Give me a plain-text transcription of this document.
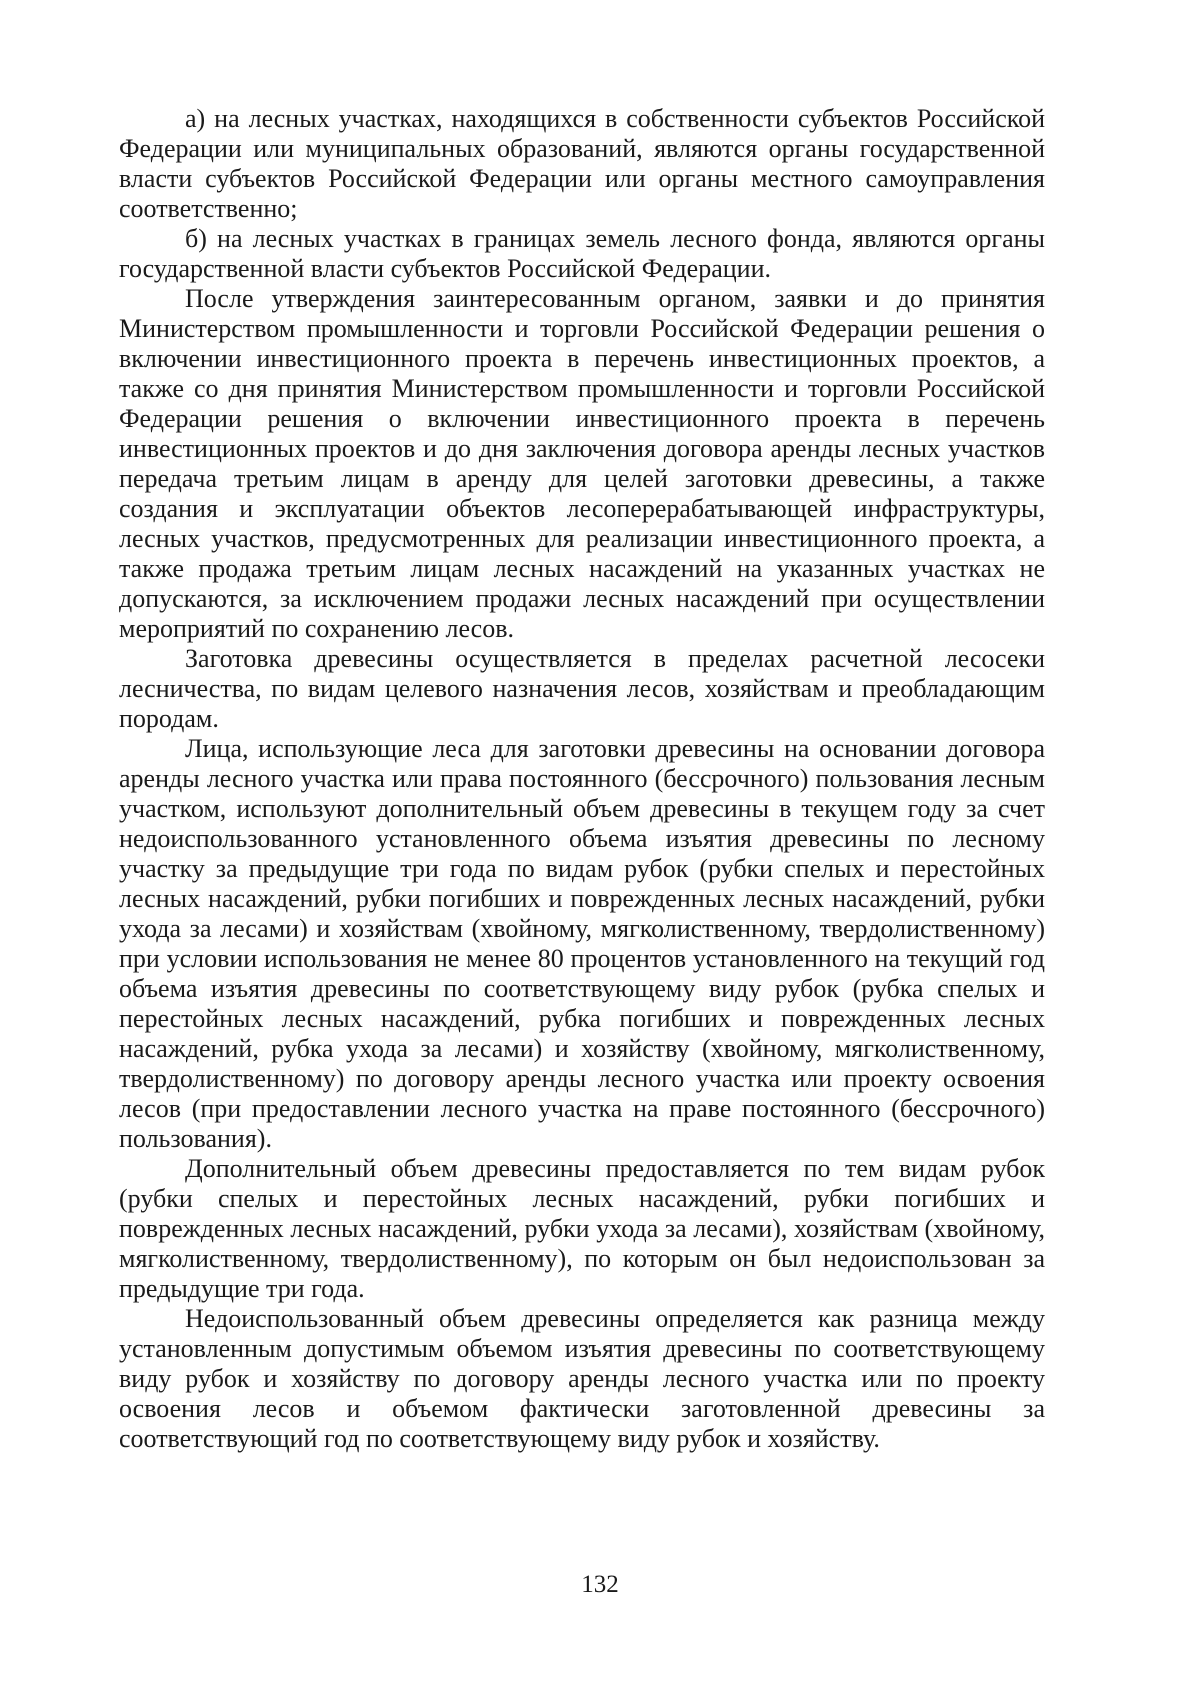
а) на лесных участках, находящихся в собственности субъектов Российской Федерации или муниципальных образований, являются органы государственной власти субъектов Российской Федерации или органы местного самоуправления соответственно;

б) на лесных участках в границах земель лесного фонда, являются органы государственной власти субъектов Российской Федерации.

После утверждения заинтересованным органом, заявки и до принятия Министерством промышленности и торговли Российской Федерации решения о включении инвестиционного проекта в перечень инвестиционных проектов, а также со дня принятия Министерством промышленности и торговли Российской Федерации решения о включении инвестиционного проекта в перечень инвестиционных проектов и до дня заключения договора аренды лесных участков передача третьим лицам в аренду для целей заготовки древесины, а также создания и эксплуатации объектов лесоперерабатывающей инфраструктуры, лесных участков, предусмотренных для реализации инвестиционного проекта, а также продажа третьим лицам лесных насаждений на указанных участках не допускаются, за исключением продажи лесных насаждений при осуществлении мероприятий по сохранению лесов.

Заготовка древесины осуществляется в пределах расчетной лесосеки лесничества, по видам целевого назначения лесов, хозяйствам и преобладающим породам.

Лица, использующие леса для заготовки древесины на основании договора аренды лесного участка или права постоянного (бессрочного) пользования лесным участком, используют дополнительный объем древесины в текущем году за счет недоиспользованного установленного объема изъятия древесины по лесному участку за предыдущие три года по видам рубок (рубки спелых и перестойных лесных насаждений, рубки погибших и поврежденных лесных насаждений, рубки ухода за лесами) и хозяйствам (хвойному, мягколиственному, твердолиственному) при условии использования не менее 80 процентов установленного на текущий год объема изъятия древесины по соответствующему виду рубок (рубка спелых и перестойных лесных насаждений, рубка погибших и поврежденных лесных насаждений, рубка ухода за лесами) и хозяйству (хвойному, мягколиственному, твердолиственному) по договору аренды лесного участка или проекту освоения лесов (при предоставлении лесного участка на праве постоянного (бессрочного) пользования).

Дополнительный объем древесины предоставляется по тем видам рубок (рубки спелых и перестойных лесных насаждений, рубки погибших и поврежденных лесных насаждений, рубки ухода за лесами), хозяйствам (хвойному, мягколиственному, твердолиственному), по которым он был недоиспользован за предыдущие три года.

Недоиспользованный объем древесины определяется как разница между установленным допустимым объемом изъятия древесины по соответствующему виду рубок и хозяйству по договору аренды лесного участка или по проекту освоения лесов и объемом фактически заготовленной древесины за соответствующий год по соответствующему виду рубок и хозяйству.

132
